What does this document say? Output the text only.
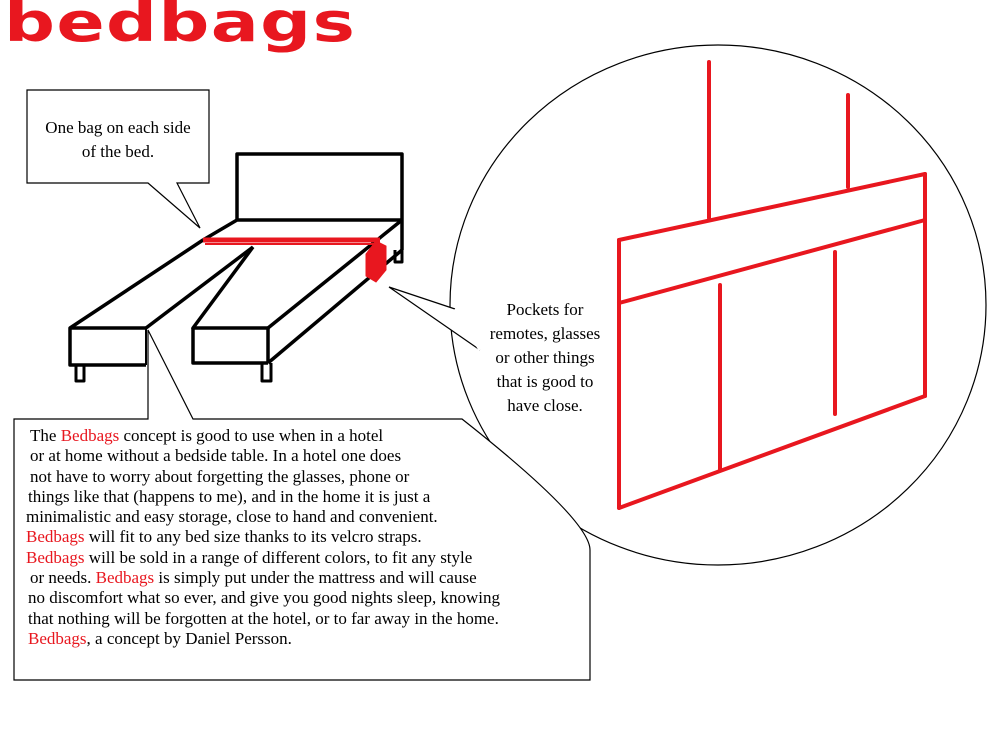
bedbags
One bag on each side
of the bed.
Pockets for
remotes, glasses
or other things
that is good to
have close.
The Bedbags concept is good to use when in a hotel
or at home without a bedside table. In a hotel one does
not have to worry about forgetting the glasses, phone or
things like that (happens to me), and in the home it is just a
minimalistic and easy storage, close to hand and convenient.
Bedbags will fit to any bed size thanks to its velcro straps.
Bedbags will be sold in a range of different colors, to fit any style
or needs. Bedbags is simply put under the mattress and will cause
no discomfort what so ever, and give you good nights sleep, knowing
that nothing will be forgotten at the hotel, or to far away in the home.
Bedbags, a concept by Daniel Persson.
